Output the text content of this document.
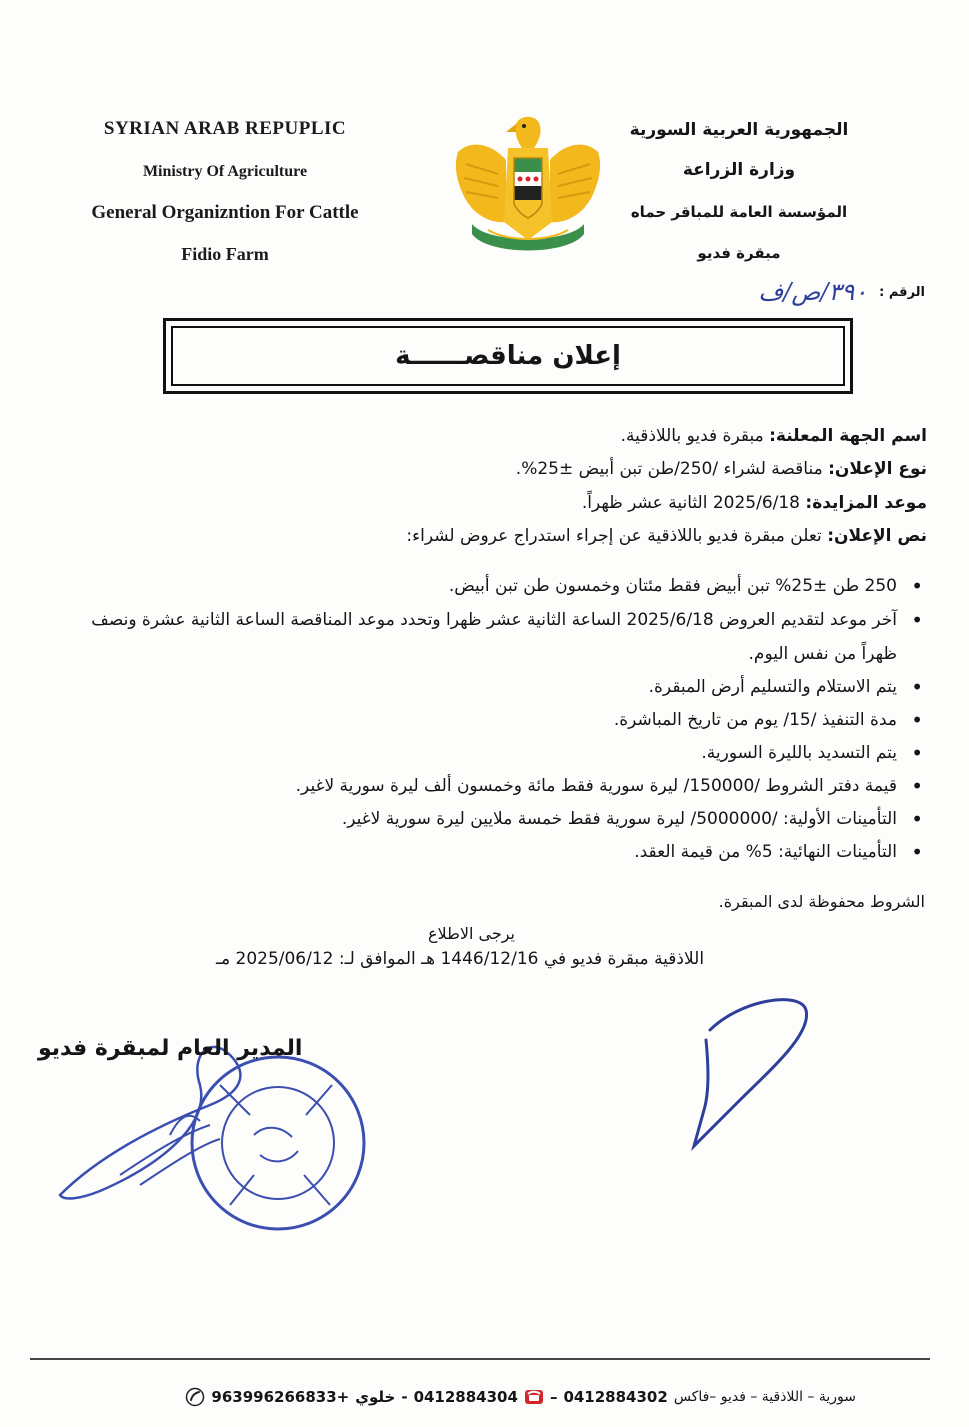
SYRIAN ARAB REPUPLIC
Ministry Of Agriculture
General Organizntion For Cattle
Fidio Farm
الجمهورية العربية السورية
وزارة الزراعة
المؤسسة العامة للمباقر حماه
مبقرة فديو
الرقم :
٣٩٠/ص/ف
إعلان مناقصــــــة
اسم الجهة المعلنة: مبقرة فديو باللاذقية.
نوع الإعلان: مناقصة لشراء /250/طن تبن أبيض ±25%.
موعد المزايدة: 2025/6/18 الثانية عشر ظهراً.
نص الإعلان: تعلن مبقرة فديو باللاذقية عن إجراء استدراج عروض لشراء:
• 250 طن ±25% تبن أبيض فقط مئتان وخمسون طن تبن أبيض.
• آخر موعد لتقديم العروض 2025/6/18 الساعة الثانية عشر ظهرا وتحدد موعد المناقصة الساعة الثانية عشرة ونصف ظهراً من نفس اليوم.
• يتم الاستلام والتسليم أرض المبقرة.
• مدة التنفيذ /15/ يوم من تاريخ المباشرة.
• يتم التسديد بالليرة السورية.
• قيمة دفتر الشروط /150000/ ليرة سورية فقط مائة وخمسون ألف ليرة سورية لاغير.
• التأمينات الأولية: /5000000/ ليرة سورية فقط خمسة ملايين ليرة سورية لاغير.
• التأمينات النهائية: 5% من قيمة العقد.
الشروط محفوظة لدى المبقرة.
يرجى الاطلاع
اللاذقية مبقرة فديو في 1446/12/16 هـ الموافق لـ: 2025/06/12 مـ
المدير العام لمبقرة فديو
سورية – اللاذقية – فديو –فاكس
0412884302
–
0412884304
-
خلوي
+963996266833
